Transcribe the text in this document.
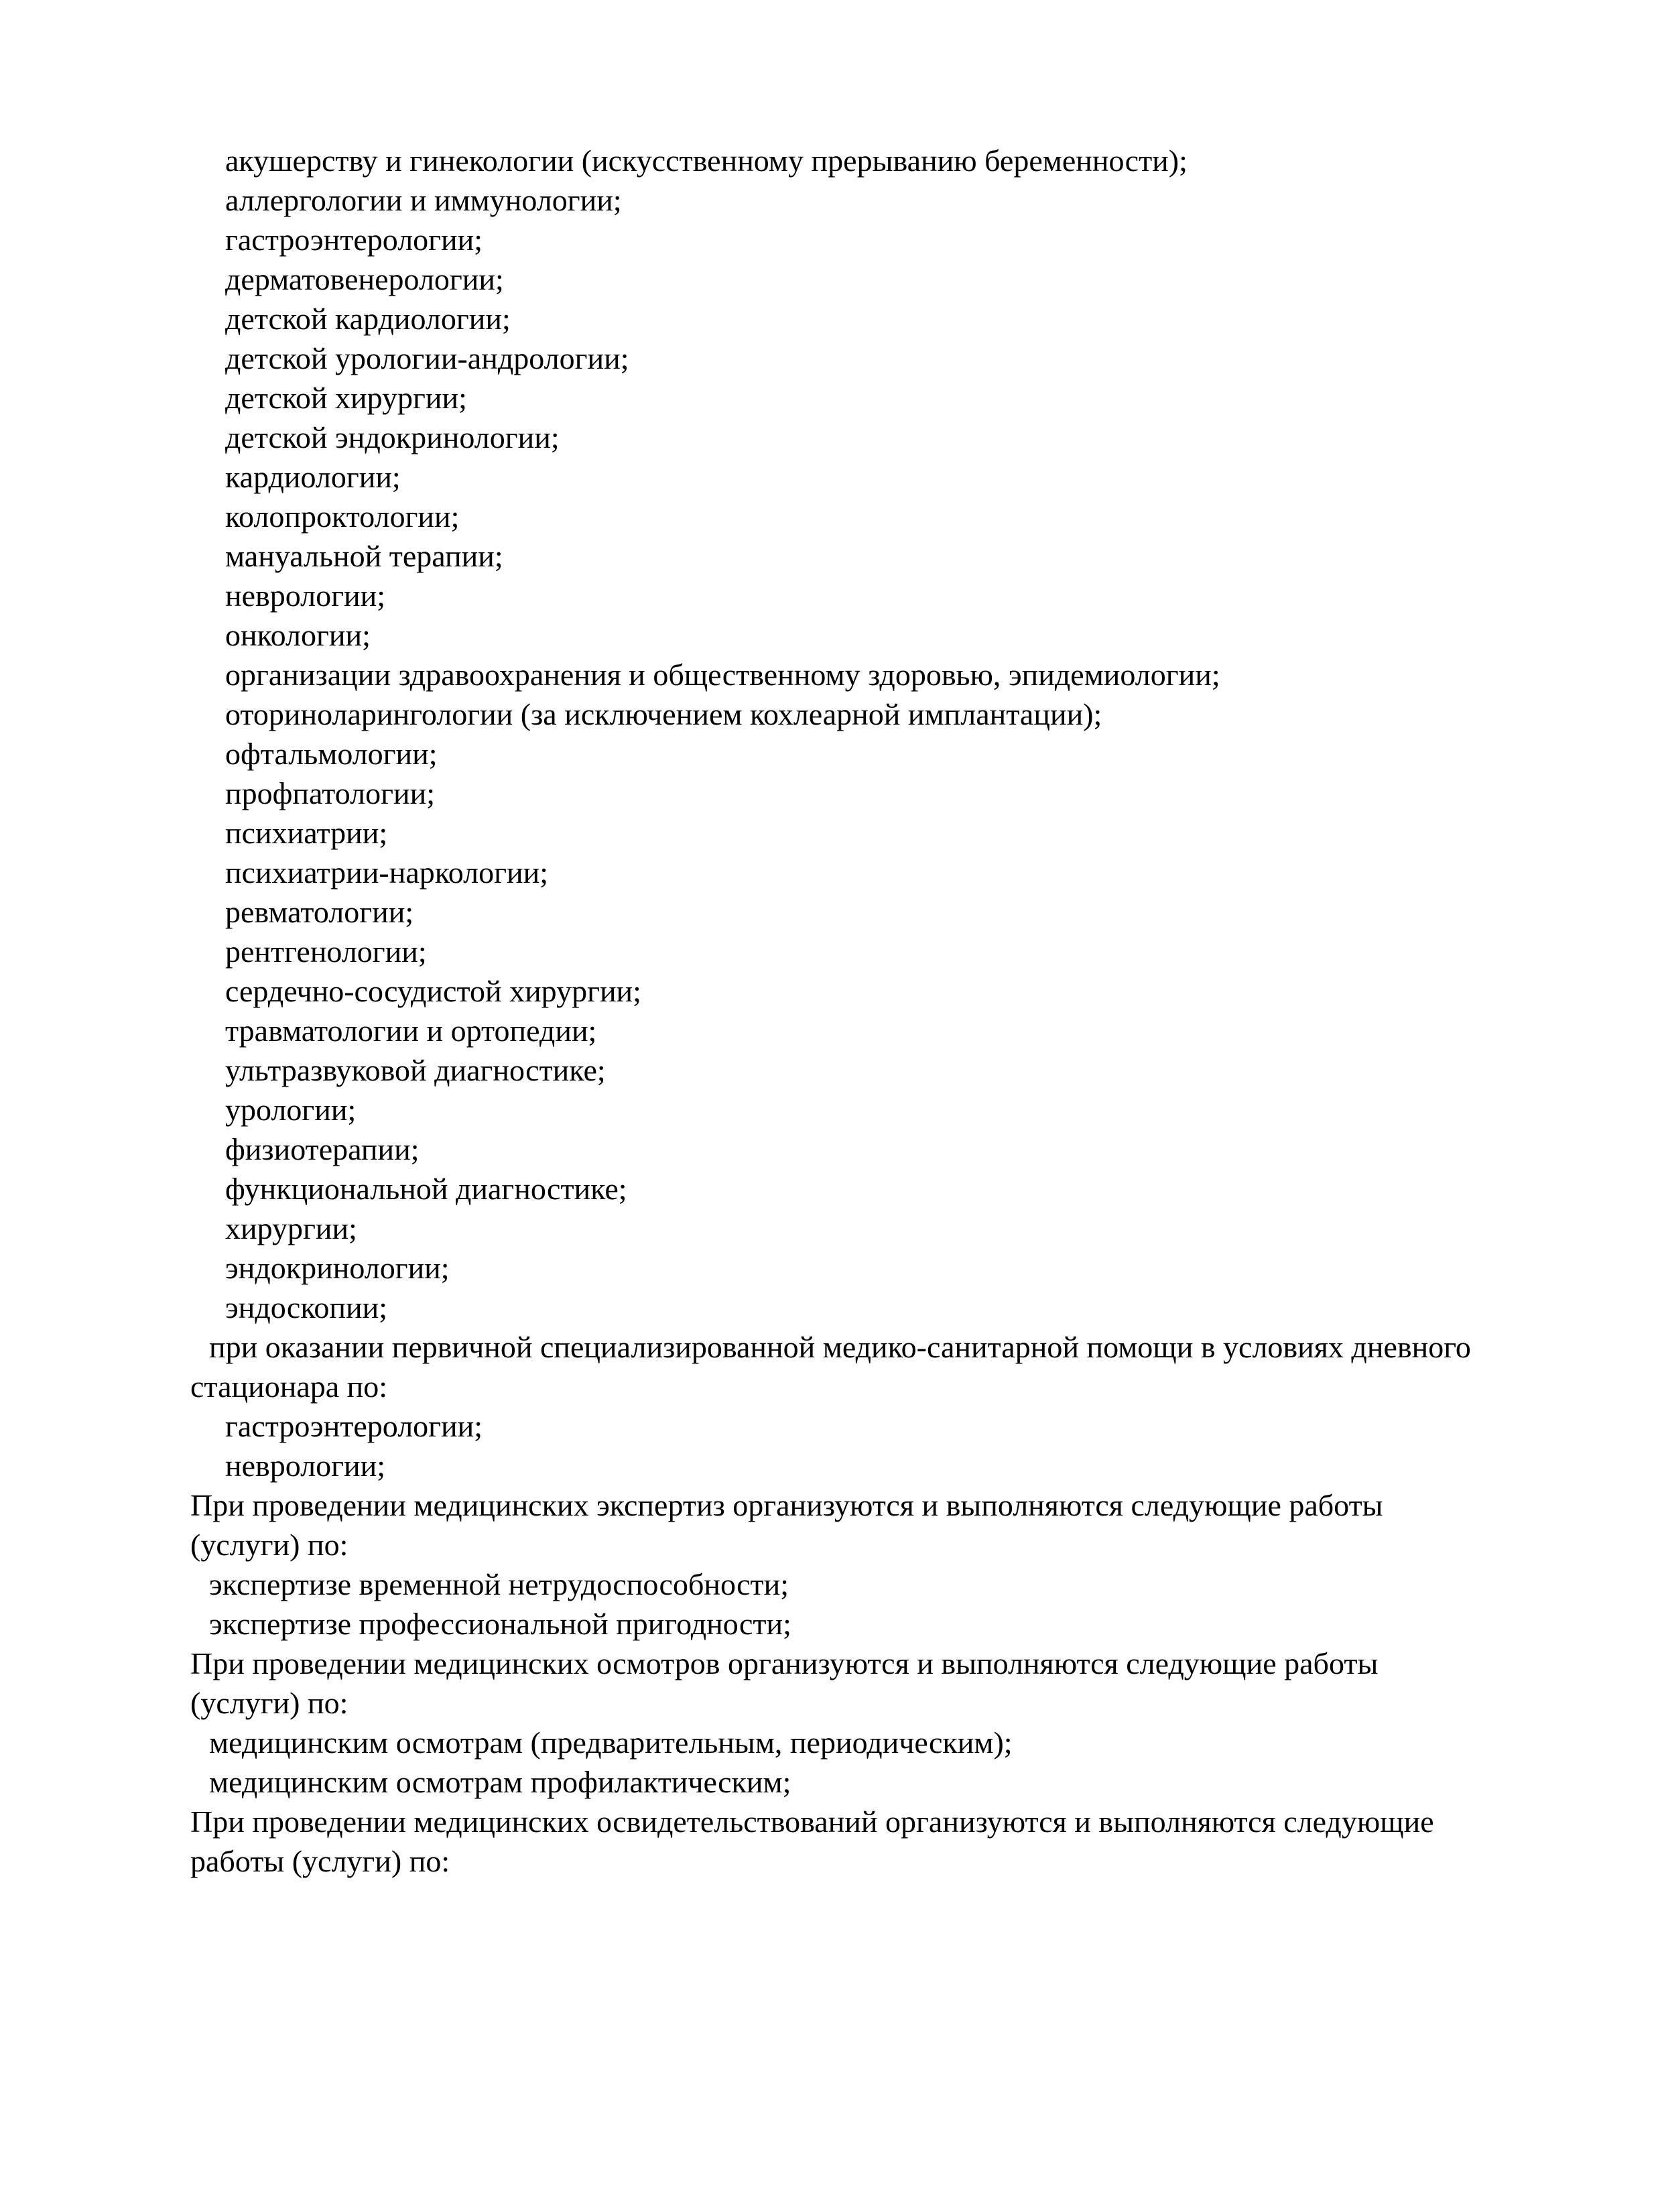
акушерству и гинекологии (искусственному прерыванию беременности);
аллергологии и иммунологии;
гастроэнтерологии;
дерматовенерологии;
детской кардиологии;
детской урологии-андрологии;
детской хирургии;
детской эндокринологии;
кардиологии;
колопроктологии;
мануальной терапии;
неврологии;
онкологии;
организации здравоохранения и общественному здоровью, эпидемиологии;
оториноларингологии (за исключением кохлеарной имплантации);
офтальмологии;
профпатологии;
психиатрии;
психиатрии-наркологии;
ревматологии;
рентгенологии;
сердечно-сосудистой хирургии;
травматологии и ортопедии;
ультразвуковой диагностике;
урологии;
физиотерапии;
функциональной диагностике;
хирургии;
эндокринологии;
эндоскопии;
при оказании первичной специализированной медико-санитарной помощи в условиях дневного
стационара по:
гастроэнтерологии;
неврологии;
При проведении медицинских экспертиз организуются и выполняются следующие работы
(услуги) по:
экспертизе временной нетрудоспособности;
экспертизе профессиональной пригодности;
При проведении медицинских осмотров организуются и выполняются следующие работы
(услуги) по:
медицинским осмотрам (предварительным, периодическим);
медицинским осмотрам профилактическим;
При проведении медицинских освидетельствований организуются и выполняются следующие
работы (услуги) по:
